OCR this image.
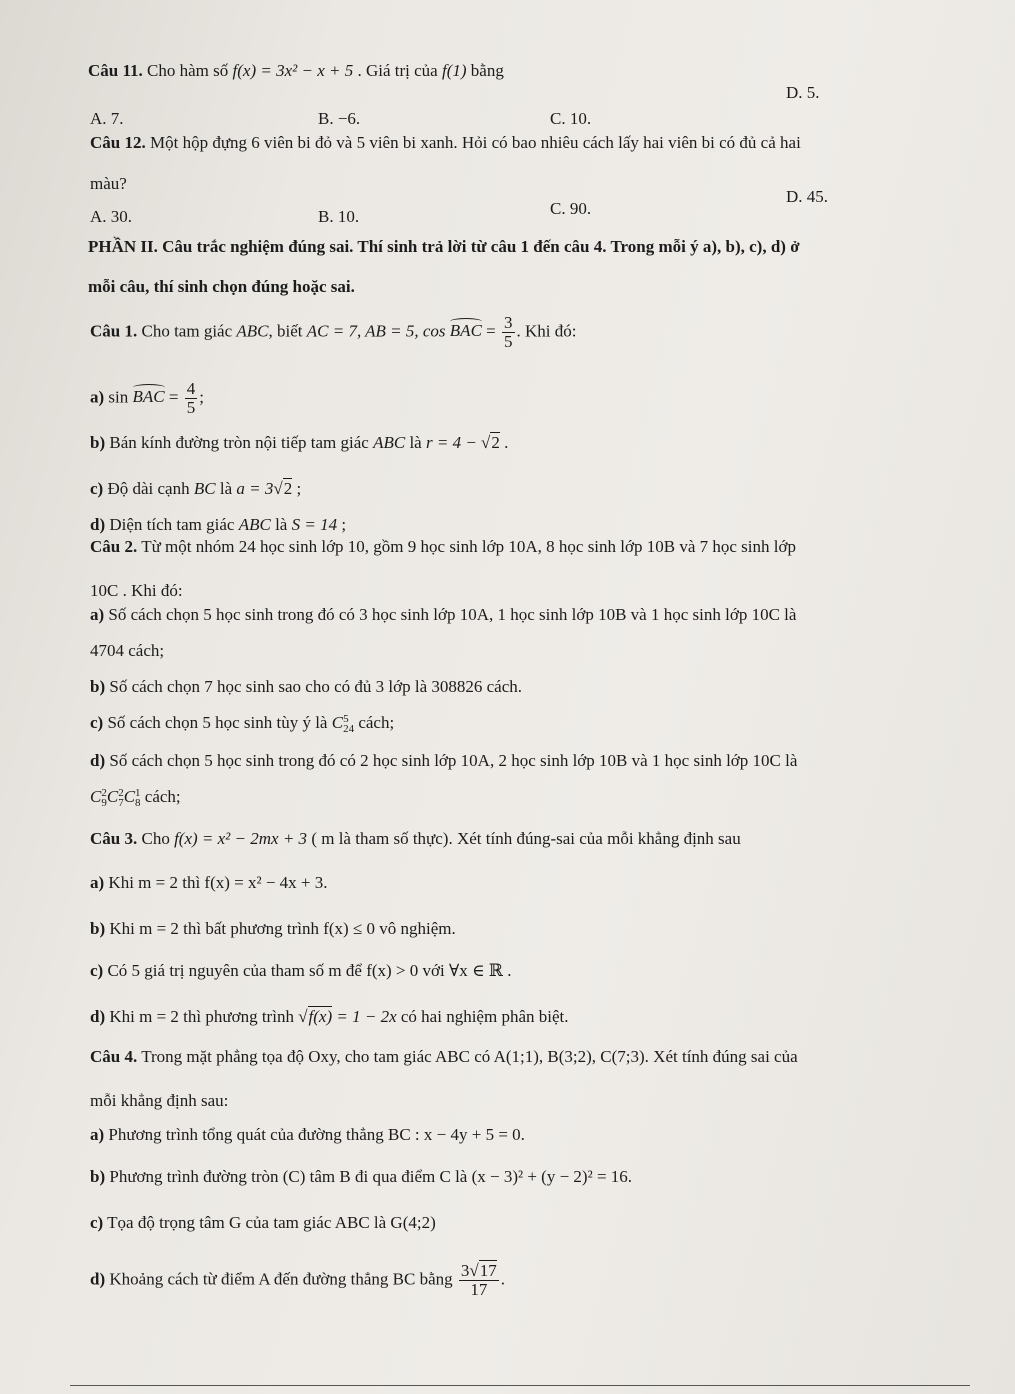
Câu 11. Cho hàm số f(x) = 3x² − x + 5 . Giá trị của f(1) bằng
D. 5.
A. 7.	B. −6.	C. 10.
Câu 12. Một hộp đựng 6 viên bi đỏ và 5 viên bi xanh. Hỏi có bao nhiêu cách lấy hai viên bi có đủ cả hai
màu?
D. 45.
A. 30.	B. 10.	C. 90.
PHẦN II. Câu trắc nghiệm đúng sai. Thí sinh trả lời từ câu 1 đến câu 4. Trong mỗi ý a), b), c), d) ở
mỗi câu, thí sinh chọn đúng hoặc sai.
Câu 1. Cho tam giác ABC, biết AC = 7, AB = 5, cos BAC = $\frac{3}{5}$ . Khi đó:
a) sin BAC = $\frac{4}{5}$ ;
b) Bán kính đường tròn nội tiếp tam giác ABC là r = 4 − √2 .
c) Độ dài cạnh BC là a = 3√2 ;
d) Diện tích tam giác ABC là S = 14 ;
Câu 2. Từ một nhóm 24 học sinh lớp 10, gồm 9 học sinh lớp 10A, 8 học sinh lớp 10B và 7 học sinh lớp
10C . Khi đó:
a) Số cách chọn 5 học sinh trong đó có 3 học sinh lớp 10A, 1 học sinh lớp 10B và 1 học sinh lớp 10C là
4704 cách;
b) Số cách chọn 7 học sinh sao cho có đủ 3 lớp là 308826 cách.
c) Số cách chọn 5 học sinh tùy ý là C 5
24 cách;
d) Số cách chọn 5 học sinh trong đó có 2 học sinh lớp 10A, 2 học sinh lớp 10B và 1 học sinh lớp 10C là
C 2
9 C 2
7 C 1
8 cách;
Câu 3. Cho f(x) = x² − 2mx + 3 ( m là tham số thực). Xét tính đúng-sai của mỗi khẳng định sau
a) Khi m = 2 thì f(x) = x² − 4x + 3.
b) Khi m = 2 thì bất phương trình f(x) ≤ 0 vô nghiệm.
c) Có 5 giá trị nguyên của tham số m để f(x) > 0 với ∀x ∈ ℝ .
d) Khi m = 2 thì phương trình √f(x) = 1 − 2x có hai nghiệm phân biệt.
Câu 4. Trong mặt phẳng tọa độ Oxy, cho tam giác ABC có A(1;1), B(3;2), C(7;3). Xét tính đúng sai của
mỗi khẳng định sau:
a) Phương trình tổng quát của đường thẳng BC : x − 4y + 5 = 0.
b) Phương trình đường tròn (C) tâm B đi qua điểm C là (x − 3)² + (y − 2)² = 16.
c) Tọa độ trọng tâm G của tam giác ABC là G(4;2)
d) Khoảng cách từ điểm A đến đường thẳng BC bằng $\frac{3√17}{17}$ .
